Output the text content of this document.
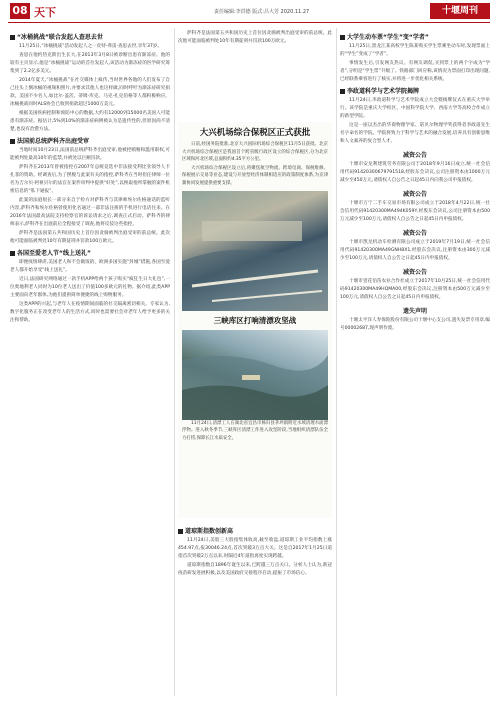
08 天下	责任编辑:李洪德 版式:吕大芳 2020.11.27	十堰周刊
“冰桶挑战”联合发起人查思去世

11月25日,“冰桶挑战”活动发起人之一皮特·弗雷·查思去世,享年37岁。

查思在他约热克斯出生长大,在2013年3月8日被诊断出患有渐冻症。他的较有主页显示,他是“冰桶挑战”运动的首位发起人,该活动为渐冻症的医学研究筹集到了2.2亿多美元。

2014年夏天,“冰桶挑战”在社交媒体上疯传,当时世界各地的人们发布了自己往头上倒冰桶的视频和照片,并要求其他人也这样做,同时呼吁为渐冻症研究捐款。美国不少名人,如比尔·盖茨、蒂姆·库克、马克·扎克伯格等人都积极响应。冰桶挑战同时ALS协会已收到捐款超过1000万美元。

根据美国疾病控制和预防中心的数据,大约有12000到15000名美国人可能患有渐冻症。据估计,5%到10%的渐冻症病例被认为是遗传性的,但原因尚不清楚,也没有治愈方法。

法国前总统萨科齐出庭受审

当地时间10月23日,法国前总统萨科齐出庭受审,他被控贿赂和滥用职权,可能被判处最高10年的监禁,并被处以巨额罚款。

萨科齐在2013年曾被指控在2007年总统竞选中非法接受利比亚领导人卡扎菲的资助。经调查后,为了摆脱与此案有关的指控,萨科齐在当时担任律师一位名为吉尔贝·阿祖贝尔的法官在案件审判中提供“好处”,以换取他所掌握的案件机密信息的“私下通报”。

此案的法庭很长一部分来自于检方对萨科齐与其律师埃尔佐格通话的监听内容,萨科齐和埃尔佐格曾使用化名通过一部非法注册的手机进行电话往来。在2016年法国最高法院支持检察官的诉讼请求之后,调查正式启动。萨科齐的律师表示,萨科齐在出庭前后全程接受了调查,他将反驳这些指控。

萨科齐是法国第五共和国历史上首位因贪腐被判出庭受审的前总统。此次他可能面临被判处10年有期徒刑并罚款100万欧元。

各国至爱老人节“线上送礼”

即便疫情肆虐,美国老人和不会做饭的、欧洲多国实施“封城”措施,各国至爱老人都开始享受“线上送礼”。

近日,法国研究网络通过一款手机APP给两个孩子购买“疯狂生日大礼包”,一位奥地利老人同时为10位老人送出了价值100多欧元的礼物。据介绍,此类APP主要面向老年群体,为他们提供简单便捷的线上购物服务。

这类APP的兴起,与老年人在疫情期间面临的社交隔离密切相关。专家认为,数字化服务正在改变老年人的生活方式,同时也需要社会对老年人给予更多的关注和帮助。

萨科齐是法国第五共和国历史上首位因贪腐被判出庭受审的前总统。此次他可能面临被判处10年有期徒刑并罚款100万欧元。

大兴机场综合保税区正式获批

日前,经国务院批准,北京大兴国际机场综合保税区11月5日获批。北京大兴机场综合保税区是我国首个跨省级行政区设立的综合保税区,分为北京区域和河北区域,总面积约4.35平方公里。

大兴机场综合保税区设立后,将聚焦航空物流、跨境电商、保税维修、保税展示交易等业态,建设与开放型经济体制相适应的政策制度体系,为京津冀协同发展提供重要支撑。

三峡库区打响清漂攻坚战

11月24日,清漂工人在湖北省宜昌市秭归县茅坪镇附近水域清理水面漂浮物。进入秋冬季节,三峡库区清漂工作进入攻坚阶段,当地组织清漂队伍全力打捞,保障长江水质安全。

道琼斯指数创新高

11月24日,美股三大股指集体收高,截至收盘,道琼斯工业平均指数上涨454.97点,报30046.24点,首次突破3万点大关。这是自2017年1月25日道指首次突破2万点以来,时隔近4年道指再度实现跨越。

道琼斯指数自1896年诞生以来,已跨越三万点关口。分析人士认为,新冠疫苗研发进展积极,以及美国政府交接程序启动,提振了市场信心。

大学生动车票“学生”变“学者”

11月25日,黑龙江某高校学生陈某购买学生票乘坐动车时,发现票面上的“学生”变成了“学者”。

事情发生后,引发网友热议。有网友调侃,买到票上的两个字成为“学者”,分明是“学生票”升级了。铁路部门回应称,该情况为票面打印出现问题,已经联系乘客进行了核实,并将进一步优化相关系统。

李政道科学与艺术学院揭牌

11月24日,李政道科学与艺术学院成立大会暨揭牌仪式在重庆大学举行。该学院是重庆大学校区、中国科学院大学、西南大学等高校合作成立的新型学院。

这是一座以杰出的华裔物理学家、诺贝尔物理学奖获得者李政道先生名字命名的学院。学院将致力于科学与艺术的融合发展,培养具有创新思维和人文素养的复合型人才。

减资公告

十堰市安龙利建筑劳务有限公司于2018年9月16日成立,统一社会信用代码91420300679791518,经股东会决议,公司注册资本由1000万元减少至450万元,请债权人自公告之日起45日内向我公司申报债权。

减资公告

十堰市万宁二手车交易市场有限公司成立于2018年4月22日,统一社会信用代码91420300MA494K059Y,经股东会决议,公司注册资本由500万元减少至100万元,请债权人自公告之日起45日内申报债权。

减资公告

十堰市凯龙机动车检测有限公司成立于2019年7月19日,统一社会信用代码91420300MA49GNH8X1,经股东会决议,注册资本由300万元减少至100万元,请债权人自公告之日起45日内申报债权。

减资公告

十堰市壹花佰苗农业合作社成立于2017年10月25日,统一社会信用代码91420300MA49HQMA00,经股东会决议,注册资本由500万元减少至100万元,请债权人自公告之日起45日内申报债权。

遗失声明

十堰太平洋人寿保险股份有限公司十堰中心支公司,遗失发票专用章,编号00002687,现声明作废。
